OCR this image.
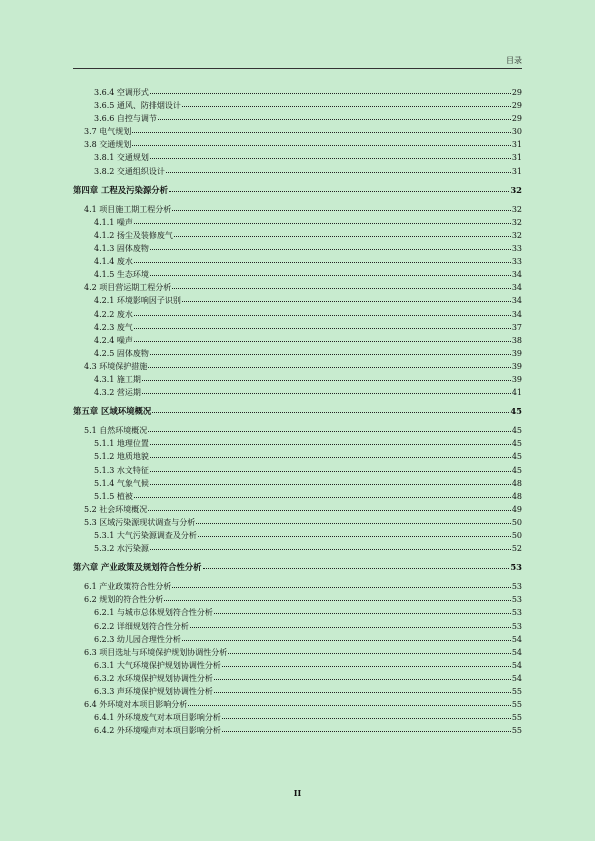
目录
3.6.4 空调形式	29
3.6.5 通风、防排烟设计	29
3.6.6 自控与调节	29
3.7 电气规划	30
3.8 交通规划	31
3.8.1 交通规划	31
3.8.2 交通组织设计	31
第四章 工程及污染源分析	32
4.1 项目施工期工程分析	32
4.1.1 噪声	32
4.1.2 扬尘及装修废气	32
4.1.3 固体废物	33
4.1.4 废水	33
4.1.5 生态环境	34
4.2 项目营运期工程分析	34
4.2.1 环境影响因子识别	34
4.2.2 废水	34
4.2.3 废气	37
4.2.4 噪声	38
4.2.5 固体废物	39
4.3 环境保护措施	39
4.3.1 施工期	39
4.3.2 营运期	41
第五章 区域环境概况	45
5.1 自然环境概况	45
5.1.1 地理位置	45
5.1.2 地质地貌	45
5.1.3 水文特征	45
5.1.4 气象气候	48
5.1.5 植被	48
5.2 社会环境概况	49
5.3 区域污染源现状调查与分析	50
5.3.1 大气污染源调查及分析	50
5.3.2 水污染源	52
第六章 产业政策及规划符合性分析	53
6.1 产业政策符合性分析	53
6.2 规划的符合性分析	53
6.2.1 与城市总体规划符合性分析	53
6.2.2 详细规划符合性分析	53
6.2.3 幼儿园合理性分析	54
6.3 项目选址与环境保护规划协调性分析	54
6.3.1 大气环境保护规划协调性分析	54
6.3.2 水环境保护规划协调性分析	54
6.3.3 声环境保护规划协调性分析	55
6.4 外环境对本项目影响分析	55
6.4.1 外环境废气对本项目影响分析	55
6.4.2 外环境噪声对本项目影响分析	55
II
